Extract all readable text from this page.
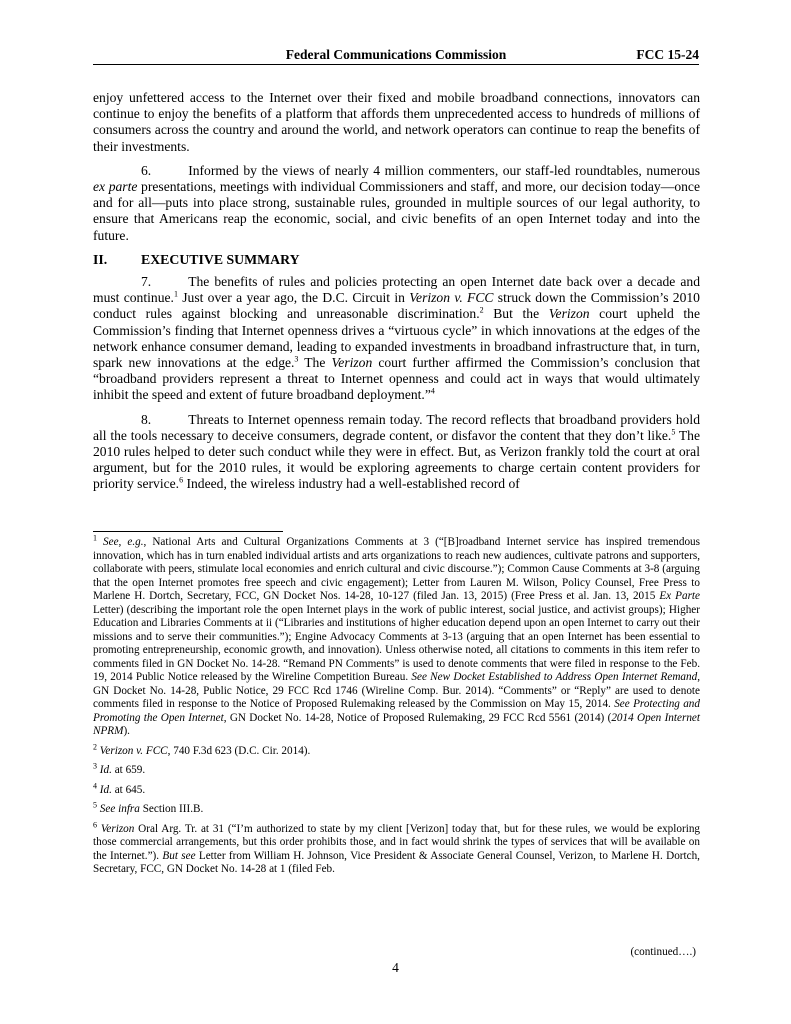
Federal Communications Commission	FCC 15-24

enjoy unfettered access to the Internet over their fixed and mobile broadband connections, innovators can continue to enjoy the benefits of a platform that affords them unprecedented access to hundreds of millions of consumers across the country and around the world, and network operators can continue to reap the benefits of their investments.

6.	Informed by the views of nearly 4 million commenters, our staff-led roundtables, numerous ex parte presentations, meetings with individual Commissioners and staff, and more, our decision today—once and for all—puts into place strong, sustainable rules, grounded in multiple sources of our legal authority, to ensure that Americans reap the economic, social, and civic benefits of an open Internet today and into the future.

II. EXECUTIVE SUMMARY

7.	The benefits of rules and policies protecting an open Internet date back over a decade and must continue.$^1$ Just over a year ago, the D.C. Circuit in Verizon v. FCC struck down the Commission’s 2010 conduct rules against blocking and unreasonable discrimination.$^2$ But the Verizon court upheld the Commission’s finding that Internet openness drives a “virtuous cycle” in which innovations at the edges of the network enhance consumer demand, leading to expanded investments in broadband infrastructure that, in turn, spark new innovations at the edge.$^3$ The Verizon court further affirmed the Commission’s conclusion that “broadband providers represent a threat to Internet openness and could act in ways that would ultimately inhibit the speed and extent of future broadband deployment.”$^4$

8.	Threats to Internet openness remain today. The record reflects that broadband providers hold all the tools necessary to deceive consumers, degrade content, or disfavor the content that they don’t like.$^5$ The 2010 rules helped to deter such conduct while they were in effect. But, as Verizon frankly told the court at oral argument, but for the 2010 rules, it would be exploring agreements to charge certain content providers for priority service.$^6$ Indeed, the wireless industry had a well-established record of

$^1$ See, e.g., National Arts and Cultural Organizations Comments at 3 (“[B]roadband Internet service has inspired tremendous innovation, which has in turn enabled individual artists and arts organizations to reach new audiences, cultivate patrons and supporters, collaborate with peers, stimulate local economies and enrich cultural and civic discourse.”); Common Cause Comments at 3-8 (arguing that the open Internet promotes free speech and civic engagement); Letter from Lauren M. Wilson, Policy Counsel, Free Press to Marlene H. Dortch, Secretary, FCC, GN Docket Nos. 14-28, 10-127 (filed Jan. 13, 2015) (Free Press et al. Jan. 13, 2015 Ex Parte Letter) (describing the important role the open Internet plays in the work of public interest, social justice, and activist groups); Higher Education and Libraries Comments at ii (“Libraries and institutions of higher education depend upon an open Internet to carry out their missions and to serve their communities.”); Engine Advocacy Comments at 3-13 (arguing that an open Internet has been essential to promoting entrepreneurship, economic growth, and innovation). Unless otherwise noted, all citations to comments in this item refer to comments filed in GN Docket No. 14-28. “Remand PN Comments” is used to denote comments that were filed in response to the Feb. 19, 2014 Public Notice released by the Wireline Competition Bureau. See New Docket Established to Address Open Internet Remand, GN Docket No. 14-28, Public Notice, 29 FCC Rcd 1746 (Wireline Comp. Bur. 2014). “Comments” or “Reply” are used to denote comments filed in response to the Notice of Proposed Rulemaking released by the Commission on May 15, 2014. See Protecting and Promoting the Open Internet, GN Docket No. 14-28, Notice of Proposed Rulemaking, 29 FCC Rcd 5561 (2014) (2014 Open Internet NPRM).

$^2$ Verizon v. FCC, 740 F.3d 623 (D.C. Cir. 2014).

$^3$ Id. at 659.

$^4$ Id. at 645.

$^5$ See infra Section III.B.

$^6$ Verizon Oral Arg. Tr. at 31 (“I’m authorized to state by my client [Verizon] today that, but for these rules, we would be exploring those commercial arrangements, but this order prohibits those, and in fact would shrink the types of services that will be available on the Internet.”). But see Letter from William H. Johnson, Vice President & Associate General Counsel, Verizon, to Marlene H. Dortch, Secretary, FCC, GN Docket No. 14-28 at 1 (filed Feb.

(continued….)
4
